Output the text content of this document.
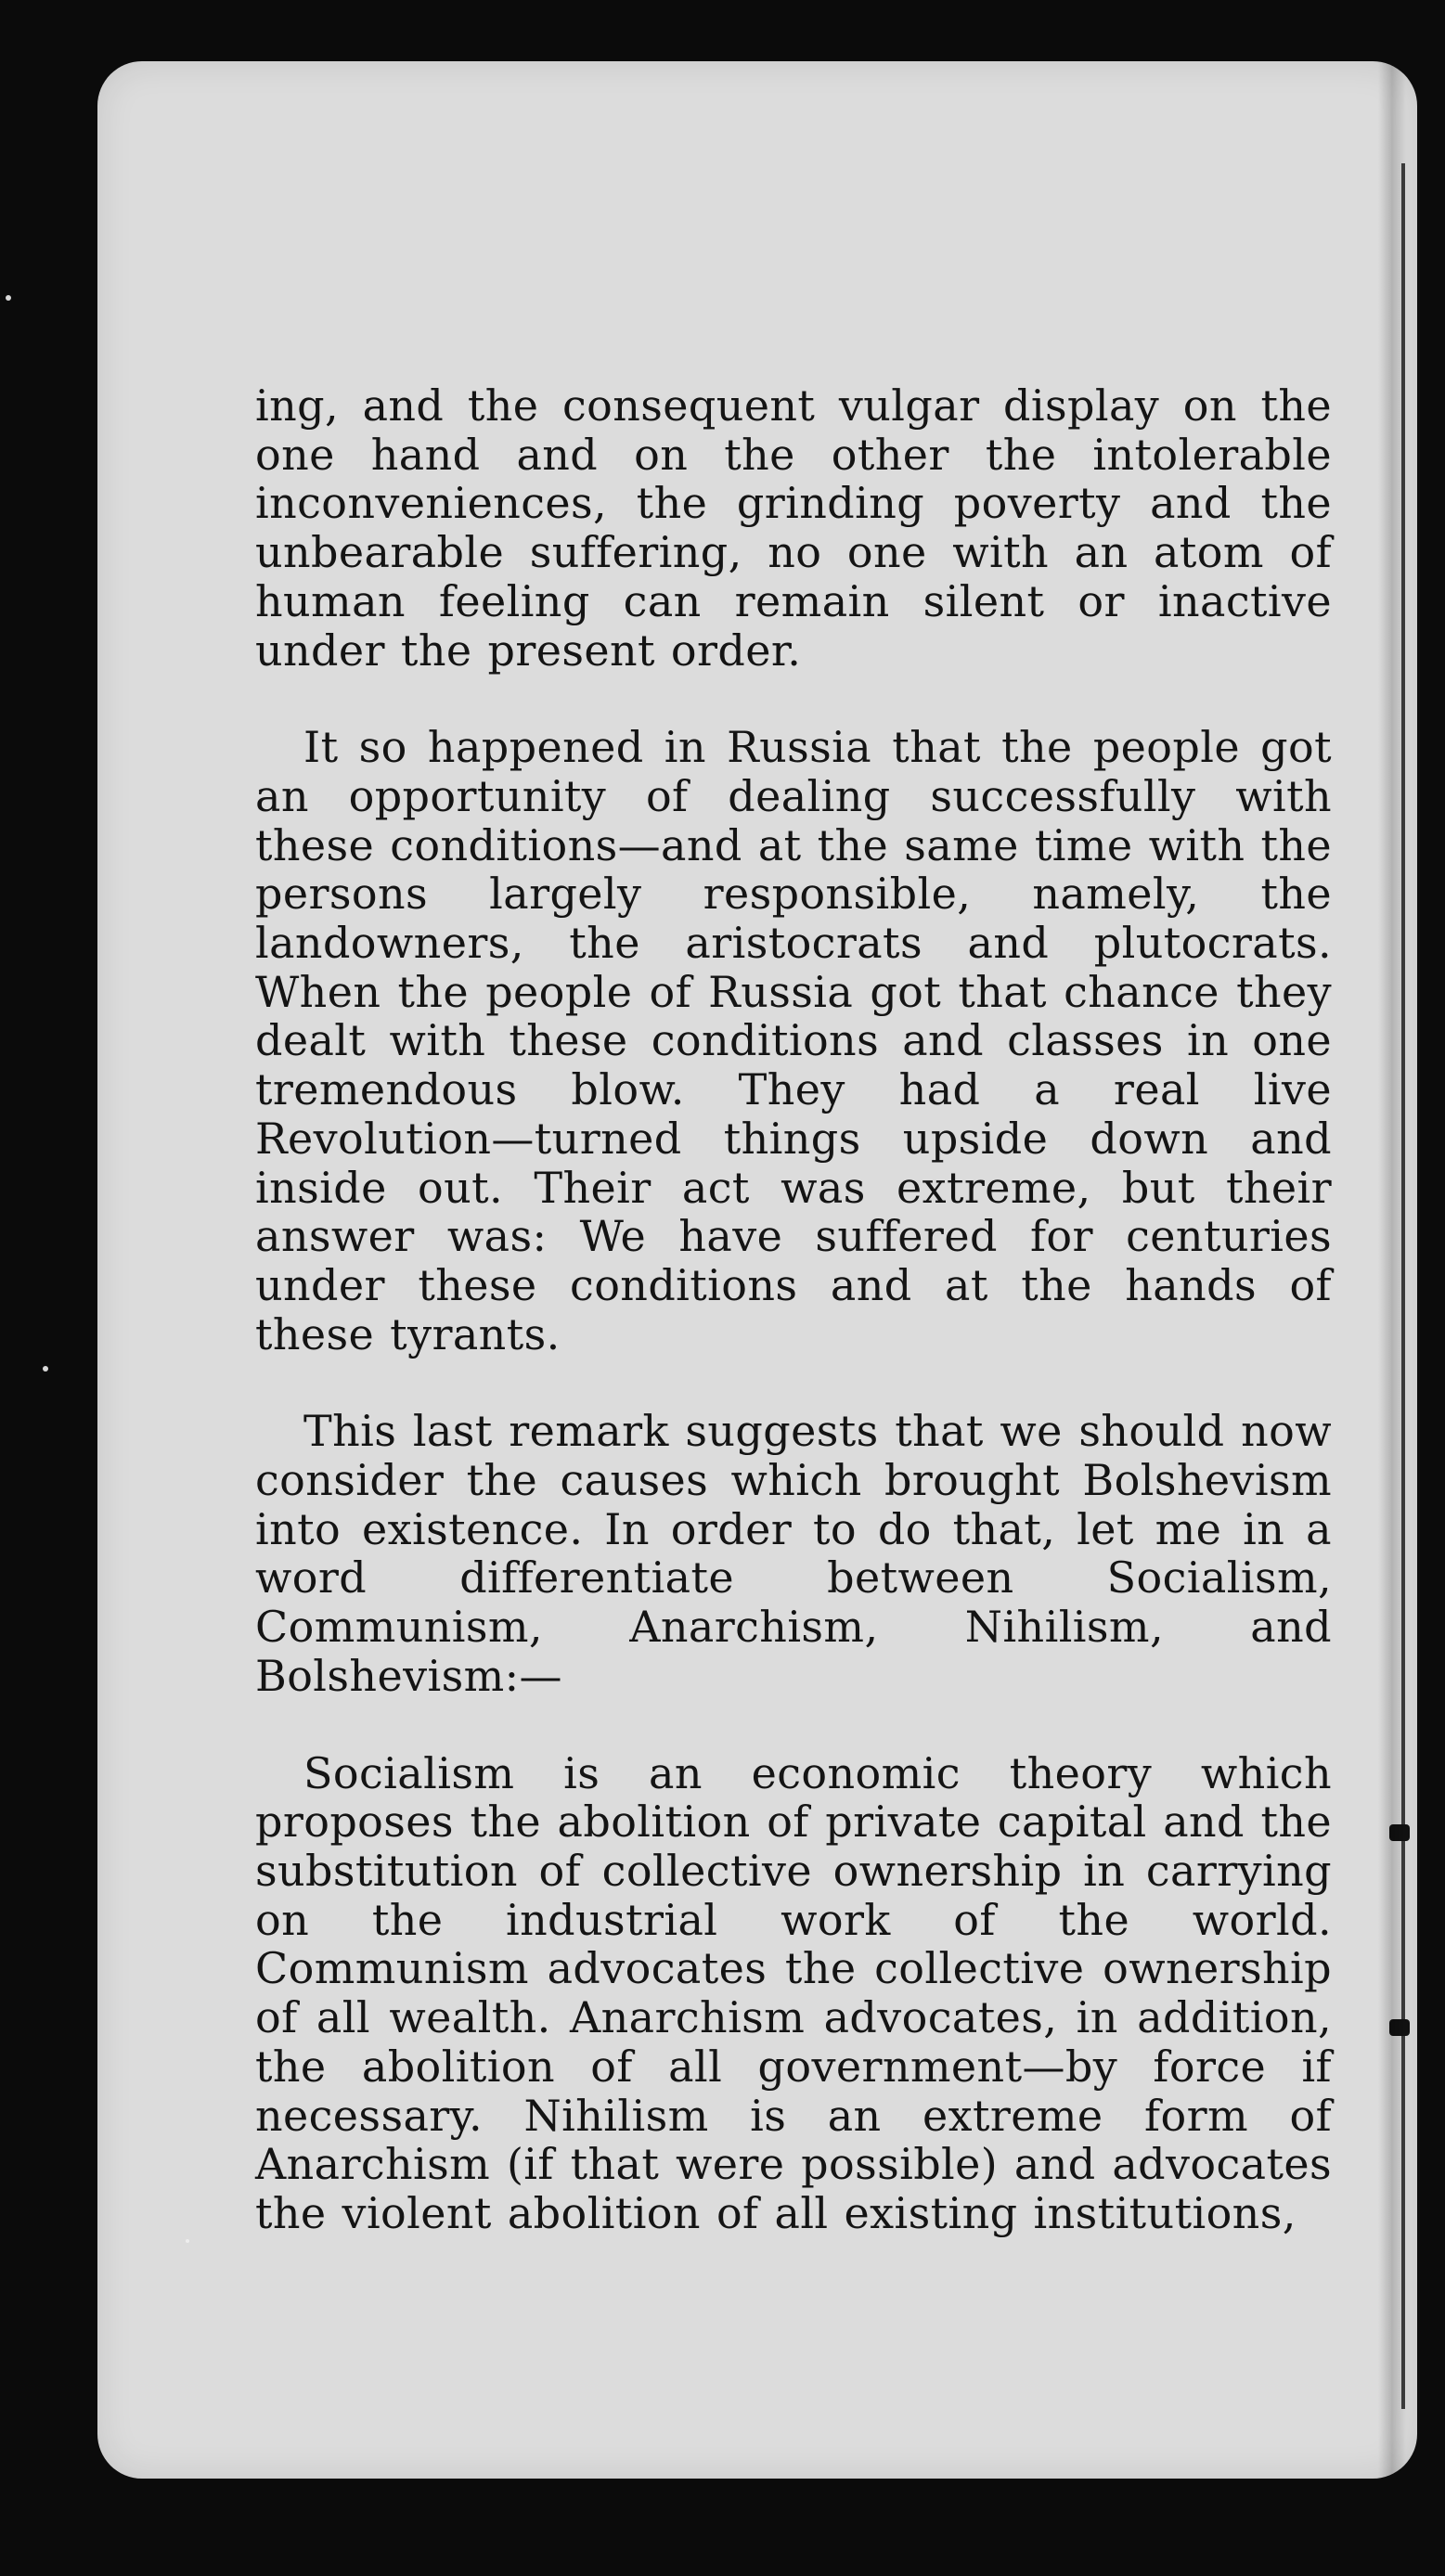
ing, and the consequent vulgar display on the one hand and on the other the intolerable inconveniences, the grinding poverty and the unbearable suffering, no one with an atom of human feeling can remain silent or inactive under the present order.

It so happened in Russia that the people got an opportunity of dealing successfully with these conditions—and at the same time with the persons largely responsible, namely, the landowners, the aristocrats and plutocrats. When the people of Russia got that chance they dealt with these conditions and classes in one tremendous blow. They had a real live Revolution—turned things upside down and inside out. Their act was extreme, but their answer was: We have suffered for centuries under these conditions and at the hands of these tyrants.

This last remark suggests that we should now consider the causes which brought Bolshevism into existence. In order to do that, let me in a word differentiate between Socialism, Communism, Anarchism, Nihilism, and Bolshevism:—

Socialism is an economic theory which proposes the abolition of private capital and the substitution of collective ownership in carrying on the industrial work of the world. Communism advocates the collective ownership of all wealth. Anarchism advocates, in addition, the abolition of all government—by force if necessary. Nihilism is an extreme form of Anarchism (if that were possible) and advocates the violent abolition of all existing institutions,
